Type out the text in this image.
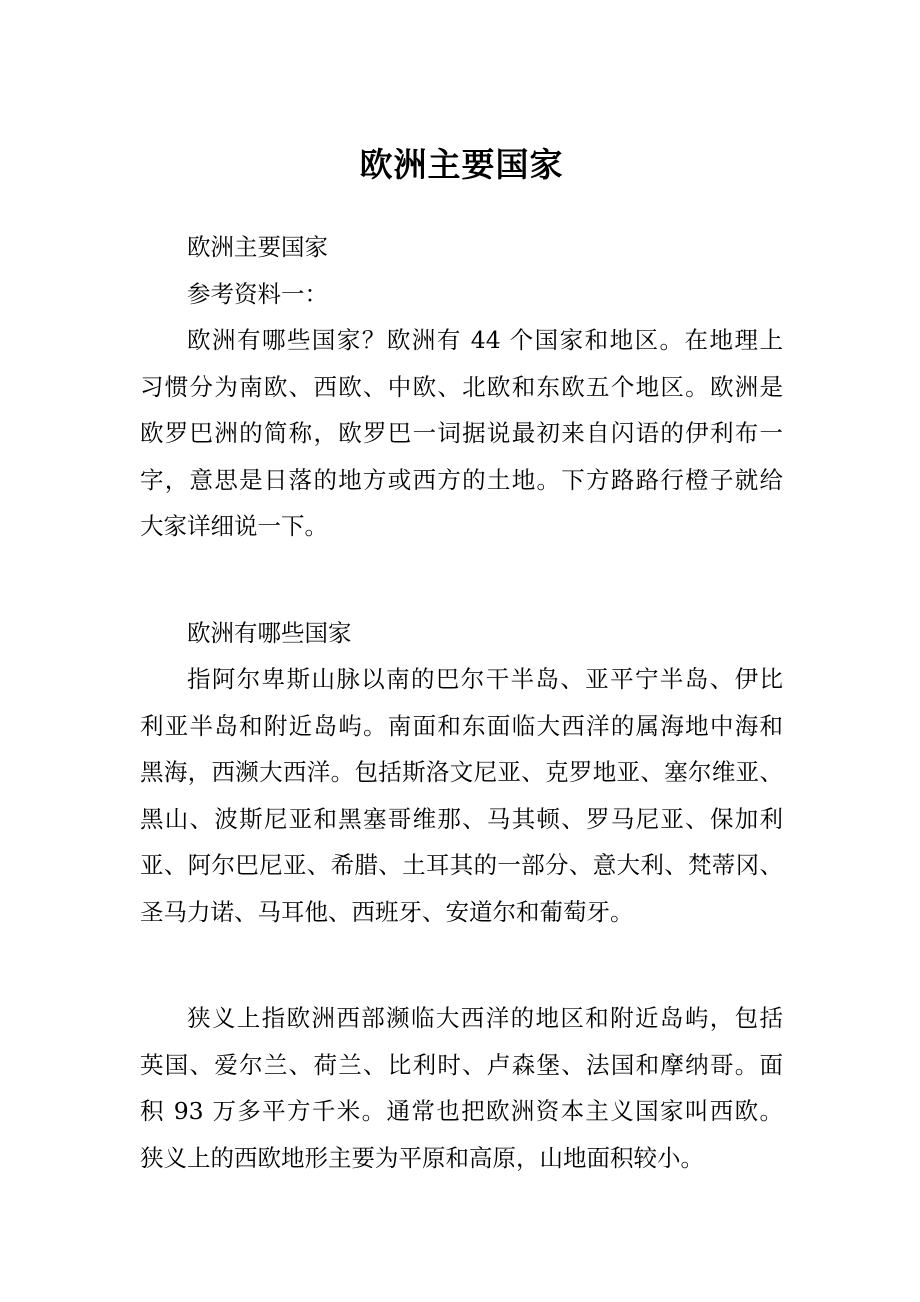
欧洲主要国家
欧洲主要国家
参考资料一：
欧洲有哪些国家？欧洲有 44 个国家和地区。在地理上
习惯分为南欧、西欧、中欧、北欧和东欧五个地区。欧洲是
欧罗巴洲的简称，欧罗巴一词据说最初来自闪语的伊利布一
字，意思是日落的地方或西方的土地。下方路路行橙子就给
大家详细说一下。
欧洲有哪些国家
指阿尔卑斯山脉以南的巴尔干半岛、亚平宁半岛、伊比
利亚半岛和附近岛屿。南面和东面临大西洋的属海地中海和
黑海，西濒大西洋。包括斯洛文尼亚、克罗地亚、塞尔维亚、
黑山、波斯尼亚和黑塞哥维那、马其顿、罗马尼亚、保加利
亚、阿尔巴尼亚、希腊、土耳其的一部分、意大利、梵蒂冈、
圣马力诺、马耳他、西班牙、安道尔和葡萄牙。
狭义上指欧洲西部濒临大西洋的地区和附近岛屿，包括
英国、爱尔兰、荷兰、比利时、卢森堡、法国和摩纳哥。面
积 93 万多平方千米。通常也把欧洲资本主义国家叫西欧。
狭义上的西欧地形主要为平原和高原，山地面积较小。
